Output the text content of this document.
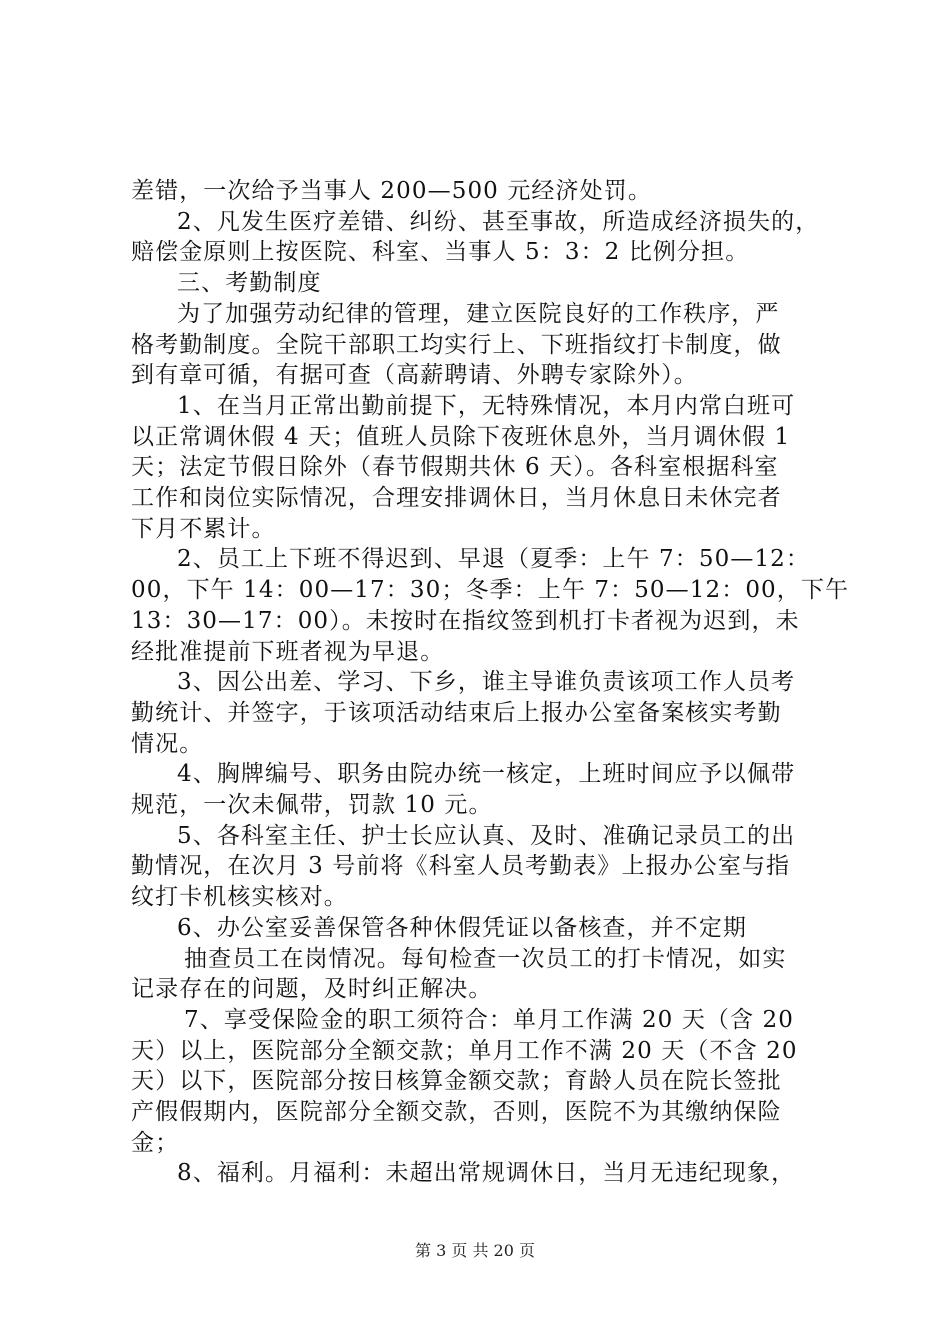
差错，一次给予当事人 200—500 元经济处罚。
2、凡发生医疗差错、纠纷、甚至事故，所造成经济损失的，
赔偿金原则上按医院、科室、当事人 5：3：2 比例分担。
三、考勤制度
为了加强劳动纪律的管理，建立医院良好的工作秩序，严
格考勤制度。全院干部职工均实行上、下班指纹打卡制度，做
到有章可循，有据可查（高薪聘请、外聘专家除外）。
1、在当月正常出勤前提下，无特殊情况，本月内常白班可
以正常调休假 4 天；值班人员除下夜班休息外，当月调休假 1
天；法定节假日除外（春节假期共休 6 天）。各科室根据科室
工作和岗位实际情况，合理安排调休日，当月休息日未休完者
下月不累计。
2、员工上下班不得迟到、早退（夏季：上午 7：50—12：
00，下午 14：00—17：30；冬季：上午 7：50—12：00，下午
13：30—17：00）。未按时在指纹签到机打卡者视为迟到，未
经批准提前下班者视为早退。
3、因公出差、学习、下乡，谁主导谁负责该项工作人员考
勤统计、并签字，于该项活动结束后上报办公室备案核实考勤
情况。
4、胸牌编号、职务由院办统一核定，上班时间应予以佩带
规范，一次未佩带，罚款 10 元。
5、各科室主任、护士长应认真、及时、准确记录员工的出
勤情况，在次月 3 号前将《科室人员考勤表》上报办公室与指
纹打卡机核实核对。
6、办公室妥善保管各种休假凭证以备核查，并不定期
抽查员工在岗情况。每旬检查一次员工的打卡情况，如实
记录存在的问题，及时纠正解决。
7、享受保险金的职工须符合：单月工作满 20 天（含 20
天）以上，医院部分全额交款；单月工作不满 20 天（不含 20
天）以下，医院部分按日核算金额交款；育龄人员在院长签批
产假假期内，医院部分全额交款，否则，医院不为其缴纳保险
金；
8、福利。月福利：未超出常规调休日，当月无违纪现象，
第 3 页 共 20 页
